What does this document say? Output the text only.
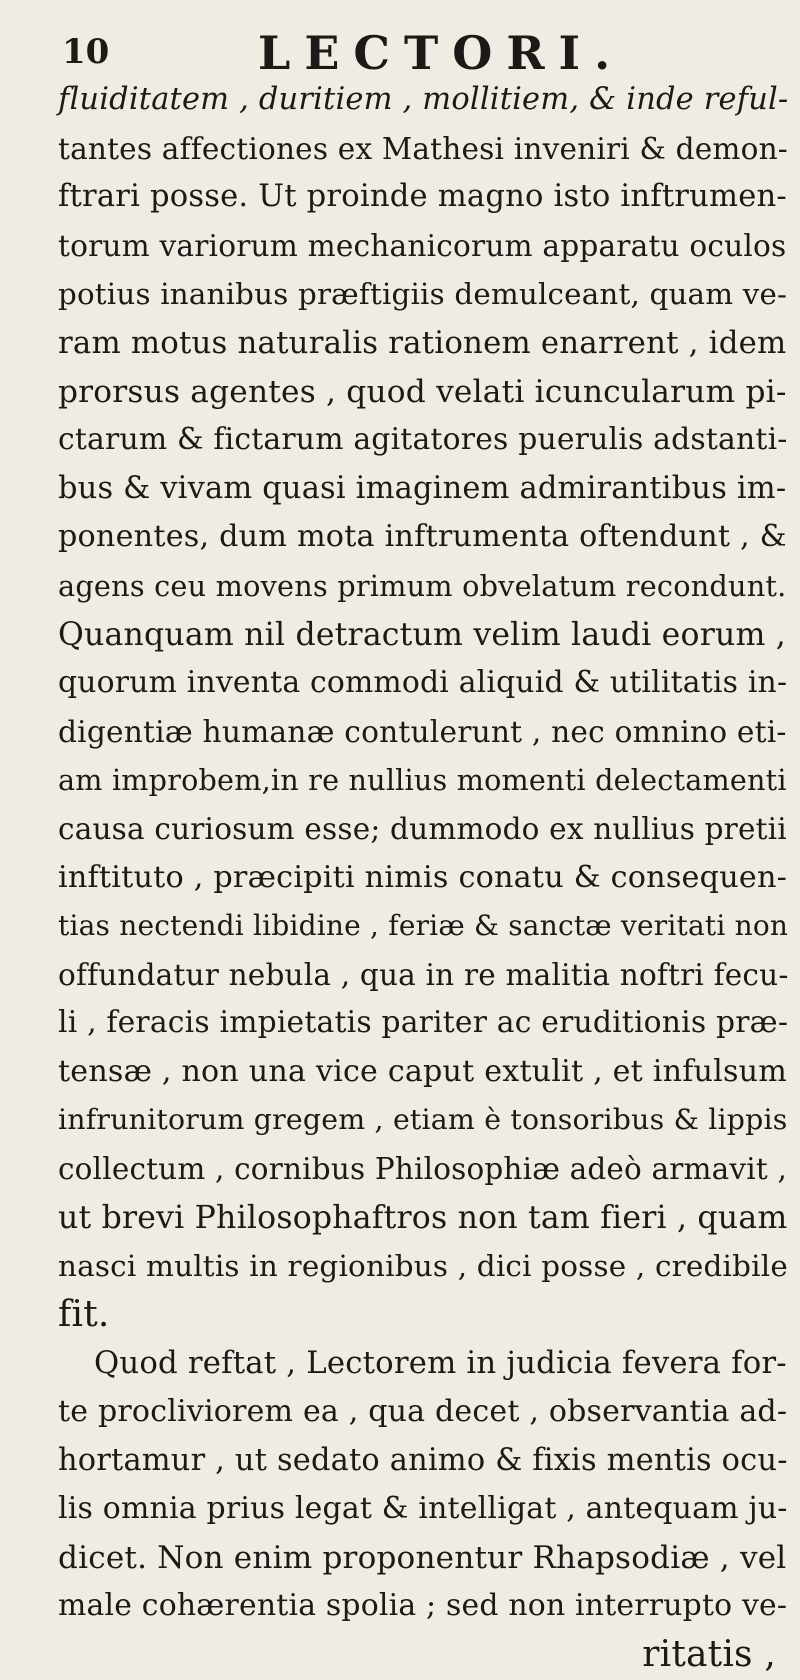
10	LECTORI.
fluiditatem , duritiem , mollitiem, & inde reful-
tantes affectiones ex Mathesi inveniri & demon-
ftrari posse. Ut proinde magno isto inftrumen-
torum variorum mechanicorum apparatu oculos
potius inanibus præftigiis demulceant, quam ve-
ram motus naturalis rationem enarrent , idem
prorsus agentes , quod velati icuncularum pi-
ctarum & fictarum agitatores puerulis adstanti-
bus & vivam quasi imaginem admirantibus im-
ponentes, dum mota inftrumenta oftendunt , &
agens ceu movens primum obvelatum recondunt.
Quanquam nil detractum velim laudi eorum ,
quorum inventa commodi aliquid & utilitatis in-
digentiæ humanæ contulerunt , nec omnino eti-
am improbem,in re nullius momenti delectamenti
causa curiosum esse; dummodo ex nullius pretii
inftituto , præcipiti nimis conatu & consequen-
tias nectendi libidine , feriæ & sanctæ veritati non
offundatur nebula , qua in re malitia noftri fecu-
li , feracis impietatis pariter ac eruditionis præ-
tensæ , non una vice caput extulit , et infulsum
infrunitorum gregem , etiam è tonsoribus & lippis
collectum , cornibus Philosophiæ adeò armavit ,
ut brevi Philosophaftros non tam fieri , quam
nasci multis in regionibus , dici posse , credibile
fit.
Quod reftat , Lectorem in judicia fevera for-
te procliviorem ea , qua decet , observantia ad-
hortamur , ut sedato animo & fixis mentis ocu-
lis omnia prius legat & intelligat , antequam ju-
dicet. Non enim proponentur Rhapsodiæ , vel
male cohærentia spolia ; sed non interrupto ve-
ritatis ,
